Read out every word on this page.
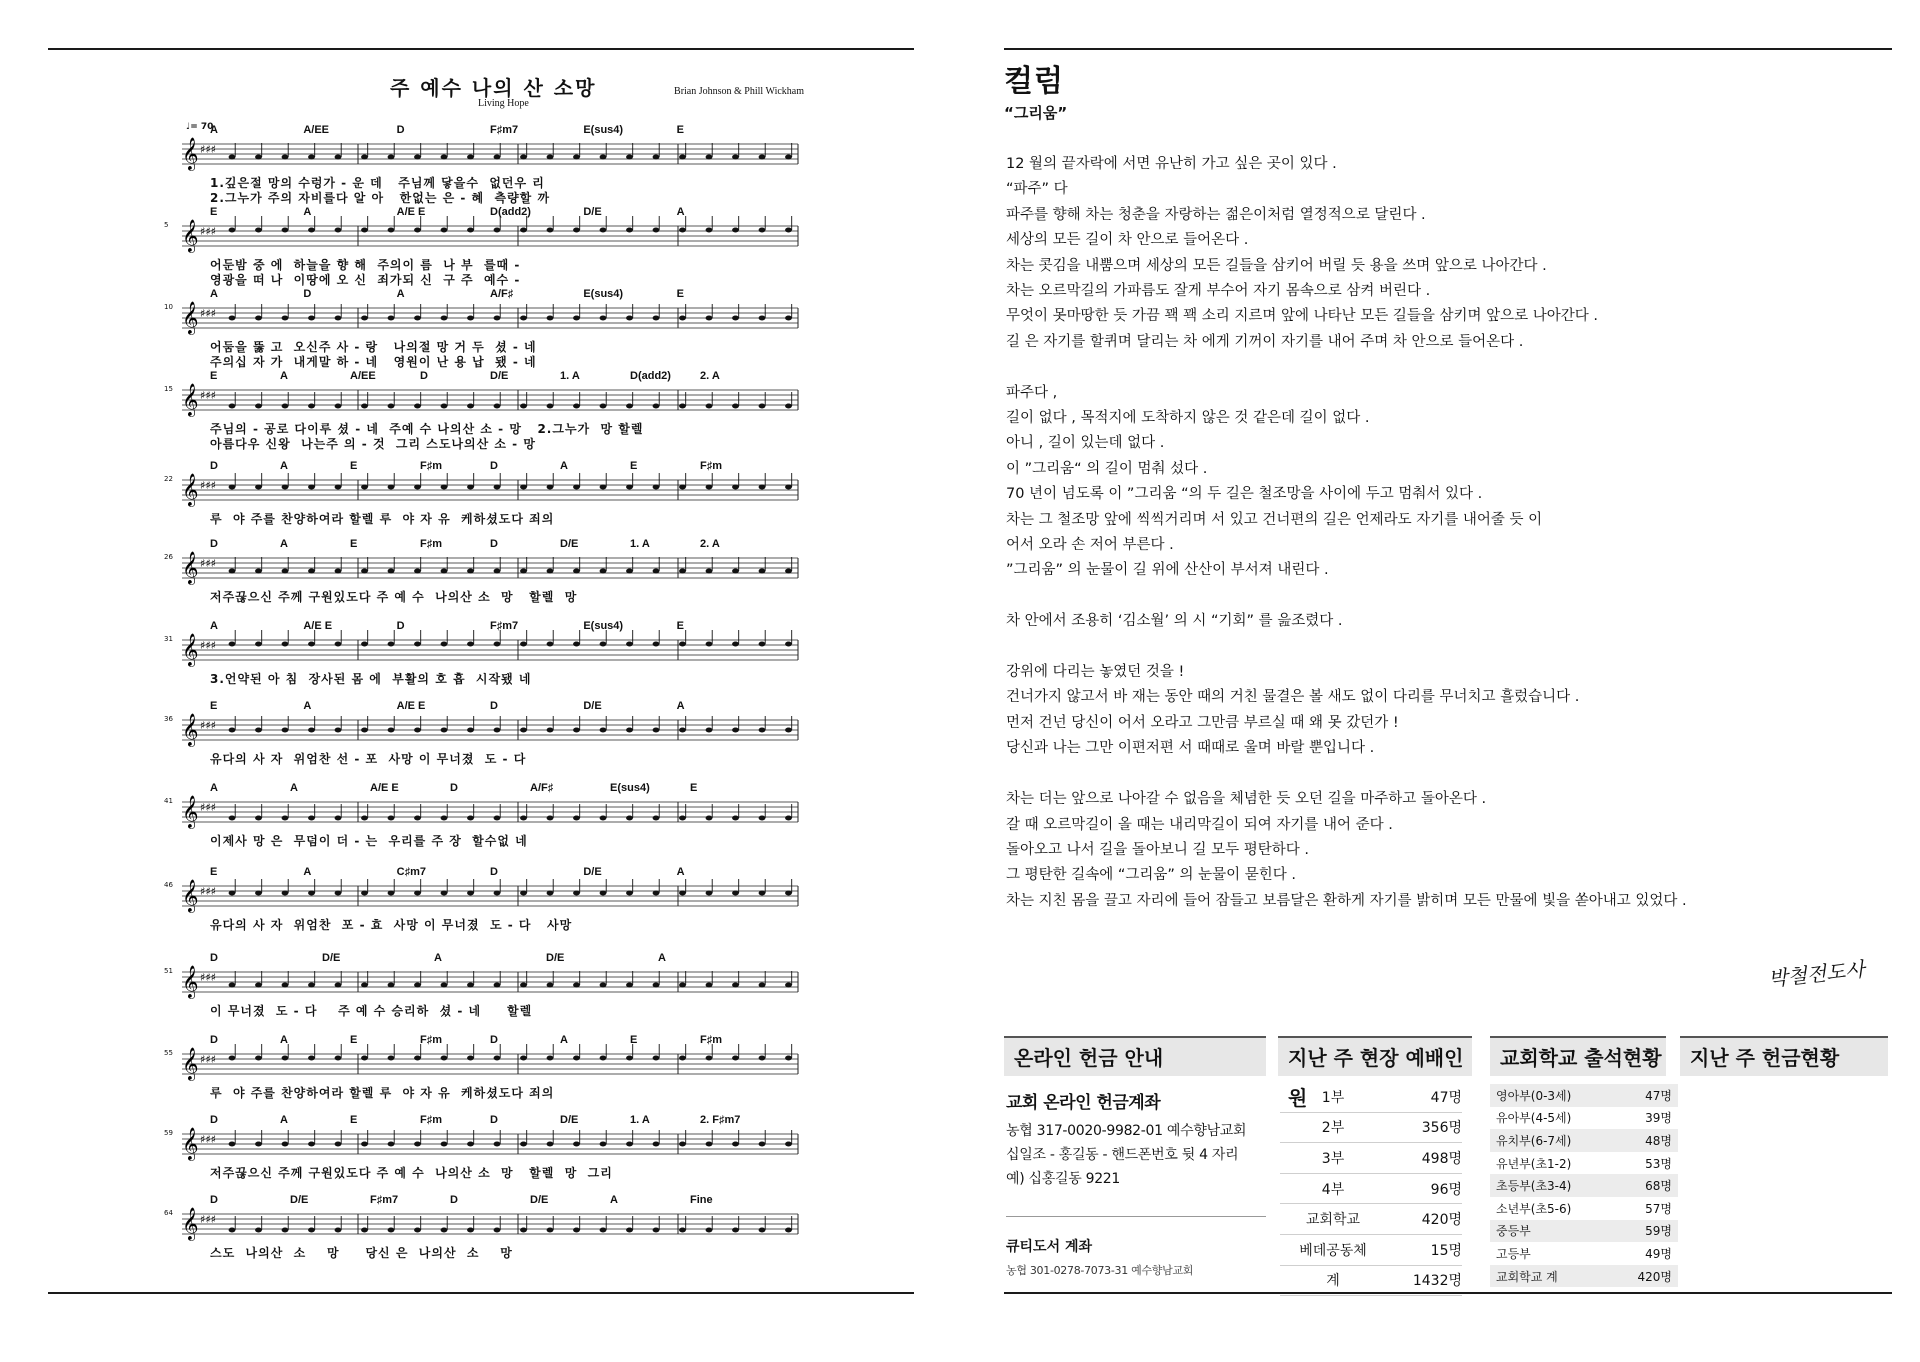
주 예수 나의 산 소망
Living Hope
Brian Johnson & Phill Wickham
𝄞 ♯♯♯
A	A/EE	D	F♯m7	E(sus4)	E
1.깊은절 망의 수렁가 - 운 데   주님께 닿을수  없던우 리
2.그누가 주의 자비를다 알 아   한없는 은 - 혜  측량할 까
𝄞 ♯♯♯
5
E	A	A/E E	D(add2)	D/E	A
어둔밤 중 에  하늘을 향 해  주의이 름  나 부  를때 -
영광을 떠 나  이땅에 오 신  죄가되 신  구 주  예수 -
𝄞 ♯♯♯
10
A	D	A	A/F♯	E(sus4)	E
어둠을 뚫 고  오신주 사 - 랑   나의절 망 거 두  셨 - 네
주의십 자 가  내게말 하 - 네   영원이 난 용 납  됐 - 네
𝄞 ♯♯♯
15
E	A	A/EE	D	D/E	1. A	D(add2)	2. A
주님의 - 공로 다이루 셨 - 네  주예 수 나의산 소 - 망   2.그누가  망 할렐
아름다우 신왕  나는주 의 - 것  그리 스도나의산 소 - 망
𝄞 ♯♯♯
22
D	A	E	F♯m	D	A	E	F♯m
루  야 주를 찬양하여라 할렐 루  야 자 유  케하셨도다 죄의
𝄞 ♯♯♯
26
D	A	E	F♯m	D	D/E	1. A	2. A
저주끊으신 주께 구원있도다 주 예 수  나의산 소  망   할렐  망
𝄞 ♯♯♯
31
A	A/E E	D	F♯m7	E(sus4)	E
3.언약된 아 침  장사된 몸 에  부활의 호 흡  시작됐 네
𝄞 ♯♯♯
36
E	A	A/E E	D	D/E	A
유다의 사 자  위엄찬 선 - 포  사망 이 무너졌  도 - 다
𝄞 ♯♯♯
41
A	A	A/E E	D	A/F♯	E(sus4)	E
이제사 망 은  무덤이 더 - 는  우리를 주 장  할수없 네
𝄞 ♯♯♯
46
E	A	C♯m7	D	D/E	A
유다의 사 자  위엄찬  포 - 효  사망 이 무너졌  도 - 다   사망
𝄞 ♯♯♯
51
D	D/E	A	D/E	A
이 무너졌  도 - 다    주 예 수 승리하  셨 - 네     할렐
𝄞 ♯♯♯
55
D	A	E	F♯m	D	A	E	F♯m
루  야 주를 찬양하여라 할렐 루  야 자 유  케하셨도다 죄의
𝄞 ♯♯♯
59
D	A	E	F♯m	D	D/E	1. A	2. F♯m7
저주끊으신 주께 구원있도다 주 예 수  나의산 소  망   할렐  망  그리
𝄞 ♯♯♯
64
D	D/E	F♯m7	D	D/E	A	Fine
스도  나의산  소    망     당신 은  나의산  소    망
♩= 70
컬럼
“그리움”

12 월의 끝자락에 서면 유난히 가고 싶은 곳이 있다 .

“파주” 다

파주를 향해 차는 청춘을 자랑하는 젊은이처럼 열정적으로 달린다 .

세상의 모든 길이 차 안으로 들어온다 .

차는 콧김을 내뿜으며 세상의 모든 길들을 삼키어 버릴 듯 용을 쓰며 앞으로 나아간다 .

차는 오르막길의 가파름도 잘게 부수어 자기 몸속으로 삼켜 버린다 .

무엇이 못마땅한 듯 가끔 꽥 꽥 소리 지르며 앞에 나타난 모든 길들을 삼키며 앞으로 나아간다 .

길 은 자기를 할퀴며 달리는 차 에게 기꺼이 자기를 내어 주며 차 안으로 들어온다 .

파주다 ,

길이 없다 , 목적지에 도착하지 않은 것 같은데 길이 없다 .

아니 , 길이 있는데 없다 .

이 ”그리움“ 의 길이 멈춰 섰다 .

70 년이 넘도록 이 ”그리움 “의 두 길은 철조망을 사이에 두고 멈춰서 있다 .

차는 그 철조망 앞에 씩씩거리며 서 있고 건너편의 길은 언제라도 자기를 내어줄 듯 이

어서 오라 손 저어 부른다 .

”그리움” 의 눈물이 길 위에 산산이 부서져 내린다 .

차 안에서 조용히 ‘김소월’ 의 시 “기회” 를 읊조렸다 .

강위에 다리는 놓였던 것을 !

건너가지 않고서 바 재는 동안 때의 거친 물결은 볼 새도 없이 다리를 무너치고 흘렀습니다 .

먼저 건넌 당신이 어서 오라고 그만큼 부르실 때 왜 못 갔던가 !

당신과 나는 그만 이편저편 서 때때로 울며 바랄 뿐입니다 .

차는 더는 앞으로 나아갈 수 없음을 체념한 듯 오던 길을 마주하고 돌아온다 .

갈 때 오르막길이 올 때는 내리막길이 되여 자기를 내어 준다 .

돌아오고 나서 길을 돌아보니 길 모두 평탄하다 .

그 평탄한 길속에 “그리움” 의 눈물이 묻힌다 .

차는 지친 몸을 끌고 자리에 들어 잠들고 보름달은 환하게 자기를 밝히며 모든 만물에 빛을 쏟아내고 있었다 .

박철전도사
온라인 헌금 안내	지난 주 현장 예배인원
교회학교 출석현황	지난 주 헌금현황
교회 온라인 헌금계좌
농협 317-0020-9982-01 예수향남교회
십일조 - 홍길동 - 핸드폰번호 뒷 4 자리
예) 십홍길동 9221
큐티도서 계좌
농협 301-0278-7073-31 예수향남교회
1부	47명
2부	356명
3부	498명
4부	96명
교회학교	420명
베데공동체	15명
계	1432명
영아부(0-3세)	47명
유아부(4-5세)	39명
유치부(6-7세)	48명
유년부(초1-2)	53명
초등부(초3-4)	68명
소년부(초5-6)	57명
중등부	59명
고등부	49명
교회학교 계	420명
